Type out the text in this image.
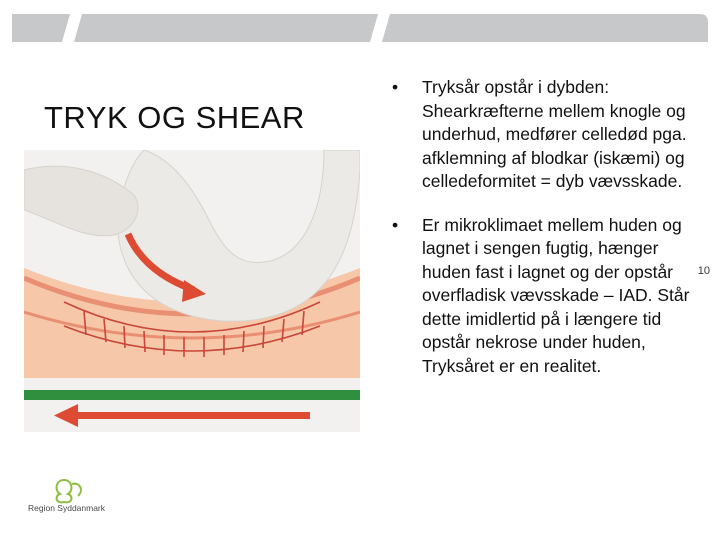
TRYK OG SHEAR
•	Tryksår opstår i dybden: Shearkræfterne mellem knogle og underhud, medfører celledød pga. afklemning af blodkar (iskæmi) og celledeformitet = dyb vævsskade.
•	Er mikroklimaet mellem huden og lagnet i sengen fugtig, hænger huden fast i lagnet og der opstår overfladisk vævsskade – IAD. Står dette imidlertid på i længere tid opstår nekrose under huden, Tryksåret er en realitet.
10
Region Syddanmark
